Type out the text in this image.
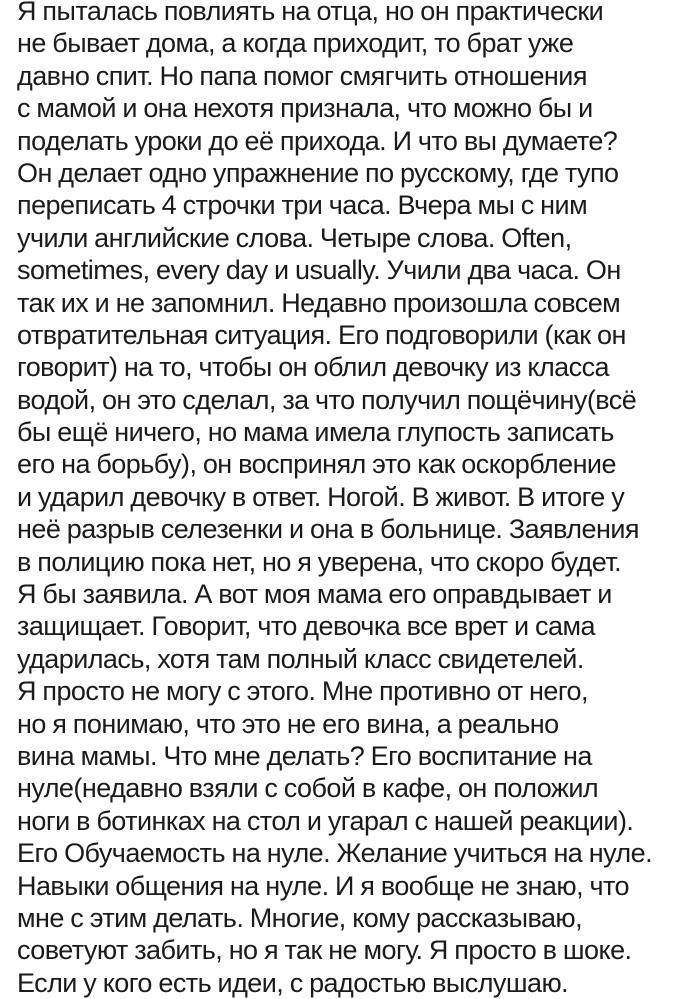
Я пыталась повлиять на отца, но он практически
не бывает дома, а когда приходит, то брат уже
давно спит. Но папа помог смягчить отношения
с мамой и она нехотя признала, что можно бы и
поделать уроки до её прихода. И что вы думаете?
Он делает одно упражнение по русскому, где тупо
переписать 4 строчки три часа. Вчера мы с ним
учили английские слова. Четыре слова. Often,
sometimes, every day и usually. Учили два часа. Он
так их и не запомнил. Недавно произошла совсем
отвратительная ситуация. Его подговорили (как он
говорит) на то, чтобы он облил девочку из класса
водой, он это сделал, за что получил пощёчину(всё
бы ещё ничего, но мама имела глупость записать
его на борьбу), он воспринял это как оскорбление
и ударил девочку в ответ. Ногой. В живот. В итоге у
неё разрыв селезенки и она в больнице. Заявления
в полицию пока нет, но я уверена, что скоро будет.
Я бы заявила. А вот моя мама его оправдывает и
защищает. Говорит, что девочка все врет и сама
ударилась, хотя там полный класс свидетелей.
Я просто не могу с этого. Мне противно от него,
но я понимаю, что это не его вина, а реально
вина мамы. Что мне делать? Его воспитание на
нуле(недавно взяли с собой в кафе, он положил
ноги в ботинках на стол и угарал с нашей реакции).
Его Обучаемость на нуле. Желание учиться на нуле.
Навыки общения на нуле. И я вообще не знаю, что
мне с этим делать. Многие, кому рассказываю,
советуют забить, но я так не могу. Я просто в шоке.
Если у кого есть идеи, с радостью выслушаю.
